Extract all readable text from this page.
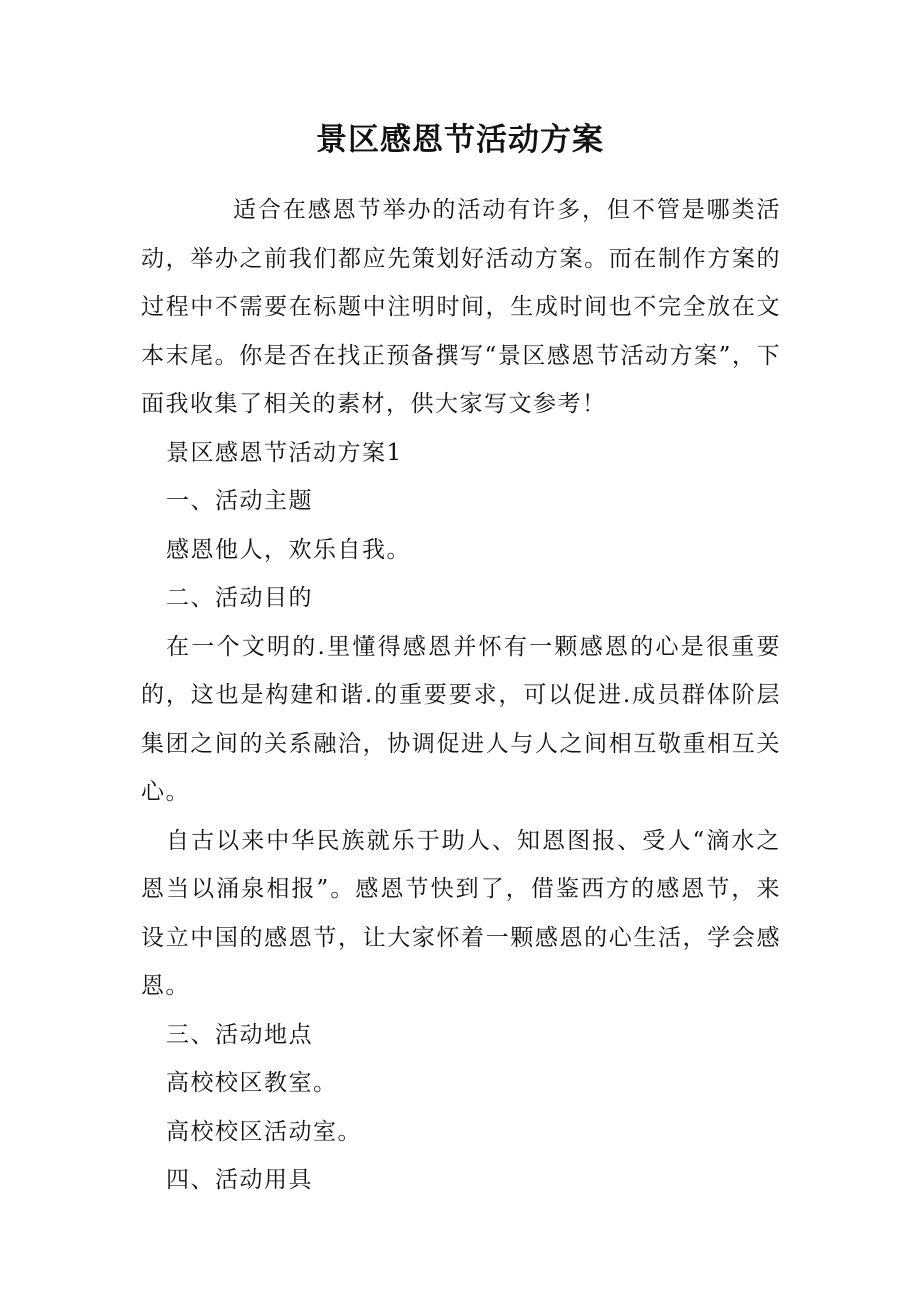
景区感恩节活动方案

适合在感恩节举办的活动有许多，但不管是哪类活动，举办之前我们都应先策划好活动方案。而在制作方案的过程中不需要在标题中注明时间，生成时间也不完全放在文本末尾。你是否在找正预备撰写“景区感恩节活动方案”，下面我收集了相关的素材，供大家写文参考！

景区感恩节活动方案1

一、活动主题

感恩他人，欢乐自我。

二、活动目的

在一个文明的.里懂得感恩并怀有一颗感恩的心是很重要的，这也是构建和谐.的重要要求，可以促进.成员群体阶层集团之间的关系融洽，协调促进人与人之间相互敬重相互关心。

自古以来中华民族就乐于助人、知恩图报、受人“滴水之恩当以涌泉相报”。感恩节快到了，借鉴西方的感恩节，来设立中国的感恩节，让大家怀着一颗感恩的心生活，学会感恩。

三、活动地点

高校校区教室。

高校校区活动室。

四、活动用具
